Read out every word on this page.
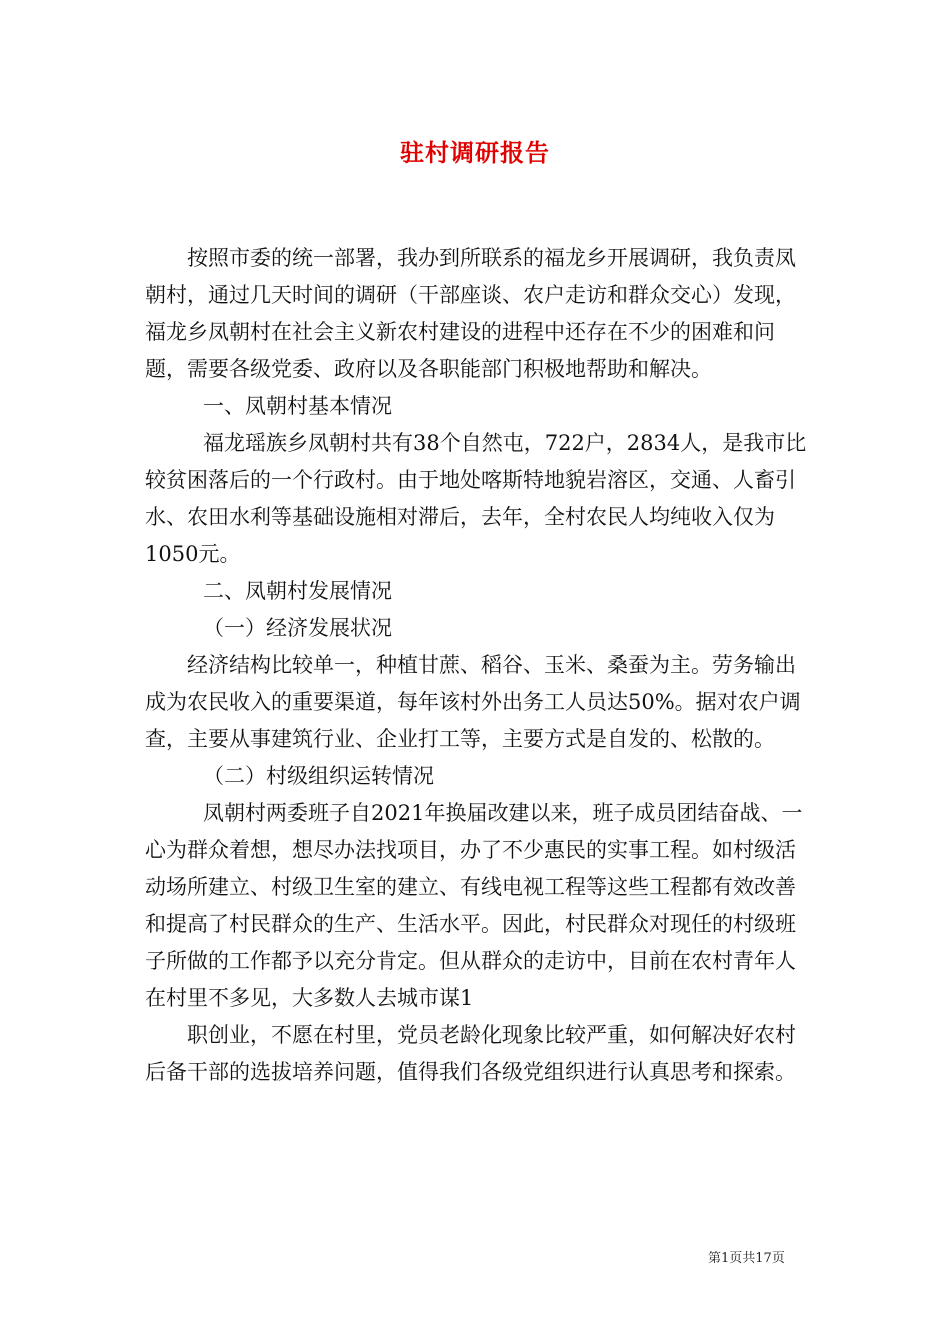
驻村调研报告

按照市委的统一部署，我办到所联系的福龙乡开展调研，我负责凤朝村，通过几天时间的调研（干部座谈、农户走访和群众交心）发现，福龙乡凤朝村在社会主义新农村建设的进程中还存在不少的困难和问题，需要各级党委、政府以及各职能部门积极地帮助和解决。

一、凤朝村基本情况

福龙瑶族乡凤朝村共有38个自然屯，722户，2834人，是我市比较贫困落后的一个行政村。由于地处喀斯特地貌岩溶区，交通、人畜引水、农田水利等基础设施相对滞后，去年，全村农民人均纯收入仅为1050元。

二、凤朝村发展情况

（一）经济发展状况

经济结构比较单一，种植甘蔗、稻谷、玉米、桑蚕为主。劳务输出成为农民收入的重要渠道，每年该村外出务工人员达50%。据对农户调查，主要从事建筑行业、企业打工等，主要方式是自发的、松散的。

（二）村级组织运转情况

凤朝村两委班子自2021年换届改建以来，班子成员团结奋战、一心为群众着想，想尽办法找项目，办了不少惠民的实事工程。如村级活动场所建立、村级卫生室的建立、有线电视工程等这些工程都有效改善和提高了村民群众的生产、生活水平。因此，村民群众对现任的村级班子所做的工作都予以充分肯定。但从群众的走访中，目前在农村青年人在村里不多见，大多数人去城市谋1

职创业，不愿在村里，党员老龄化现象比较严重，如何解决好农村后备干部的选拔培养问题，值得我们各级党组织进行认真思考和探索。

第1页共17页
